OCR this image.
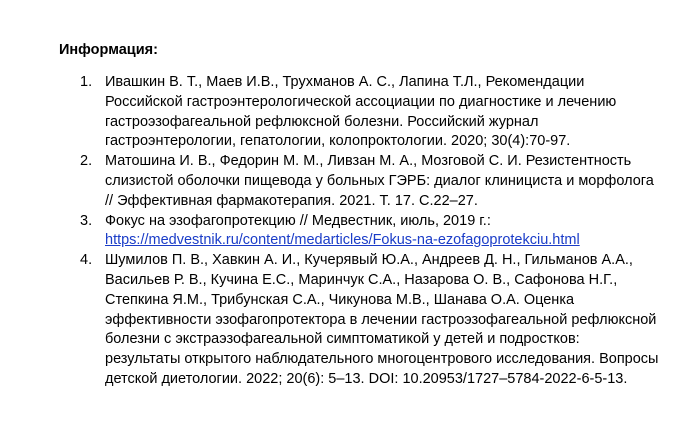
Информация:
1. Ивашкин В. Т., Маев И.В., Трухманов А. С., Лапина Т.Л., Рекомендации Российской гастроэнтерологической ассоциации по диагностике и лечению гастроэзофагеальной рефлюксной болезни. Российский журнал гастроэнтерологии, гепатологии, колопроктологии. 2020; 30(4):70-97.
2. Матошина И. В., Федорин М. М., Ливзан М. А., Мозговой С. И. Резистентность слизистой оболочки пищевода у больных ГЭРБ: диалог клинициста и морфолога // Эффективная фармакотерапия. 2021. Т. 17. С.22–27.
3. Фокус на эзофагопротекцию // Медвестник, июль, 2019 г.:
https://medvestnik.ru/content/medarticles/Fokus-na-ezofagoprotekciu.html
4. Шумилов П. В., Хавкин А. И., Кучерявый Ю.А., Андреев Д. Н., Гильманов А.А., Васильев Р. В., Кучина Е.С., Маринчук С.А., Назарова О. В., Сафонова Н.Г., Степкина Я.М., Трибунская С.А., Чикунова М.В., Шанава О.А. Оценка эффективности эзофагопротектора в лечении гастроэзофагеальной рефлюксной болезни с экстраэзофагеальной симптоматикой у детей и подростков: результаты открытого наблюдательного многоцентрового исследования. Вопросы детской диетологии. 2022; 20(6): 5–13. DOI: 10.20953/1727–5784-2022-6-5-13.
